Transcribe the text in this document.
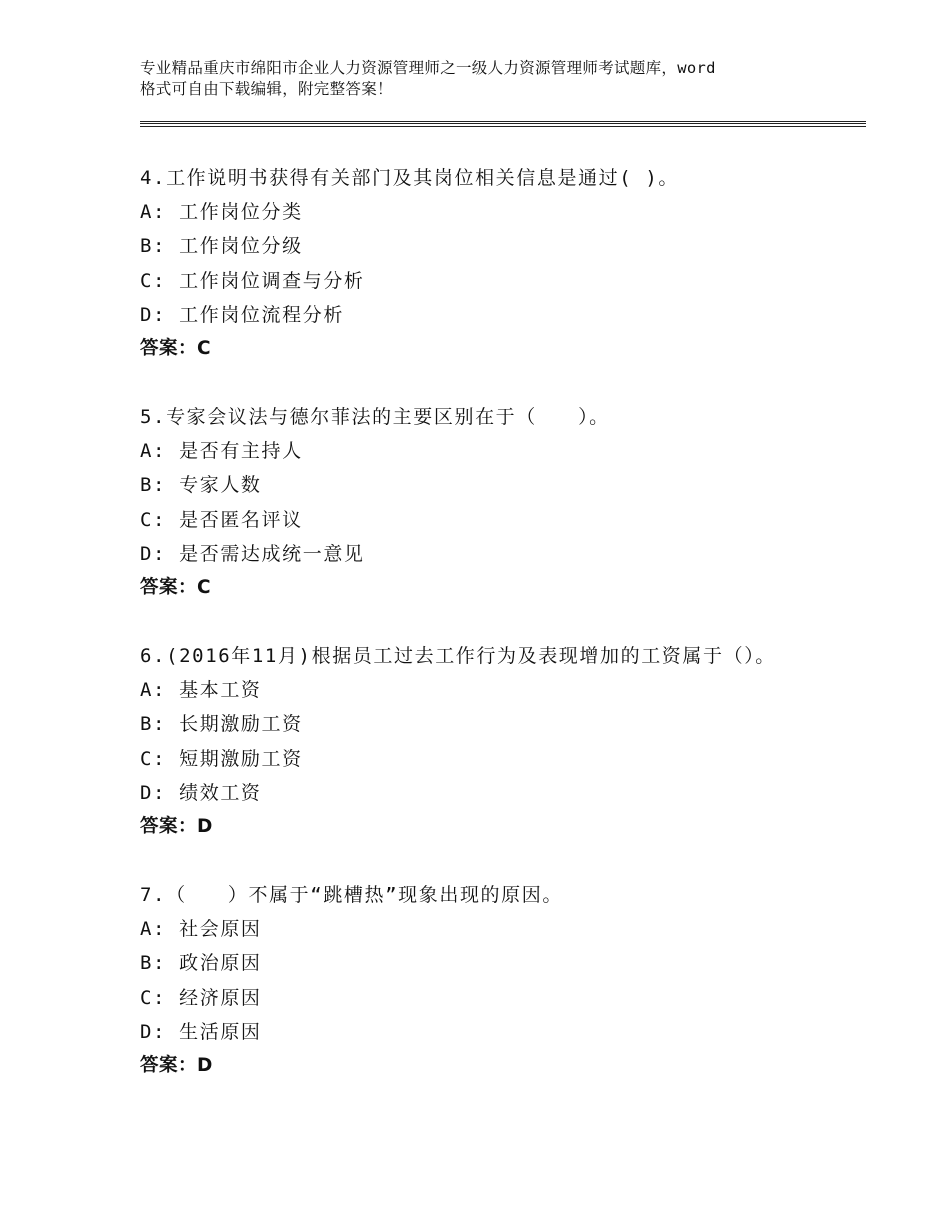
专业精品重庆市绵阳市企业人力资源管理师之一级人力资源管理师考试题库，word
格式可自由下载编辑，附完整答案！
4.工作说明书获得有关部门及其岗位相关信息是通过( )。
A: 工作岗位分类
B: 工作岗位分级
C: 工作岗位调查与分析
D: 工作岗位流程分析
答案：C
5.专家会议法与德尔菲法的主要区别在于（　　）。
A: 是否有主持人
B: 专家人数
C: 是否匿名评议
D: 是否需达成统一意见
答案：C
6.(2016年11月)根据员工过去工作行为及表现增加的工资属于（）。
A: 基本工资
B: 长期激励工资
C: 短期激励工资
D: 绩效工资
答案：D
7.（　　）不属于“跳槽热”现象出现的原因。
A: 社会原因
B: 政治原因
C: 经济原因
D: 生活原因
答案：D
